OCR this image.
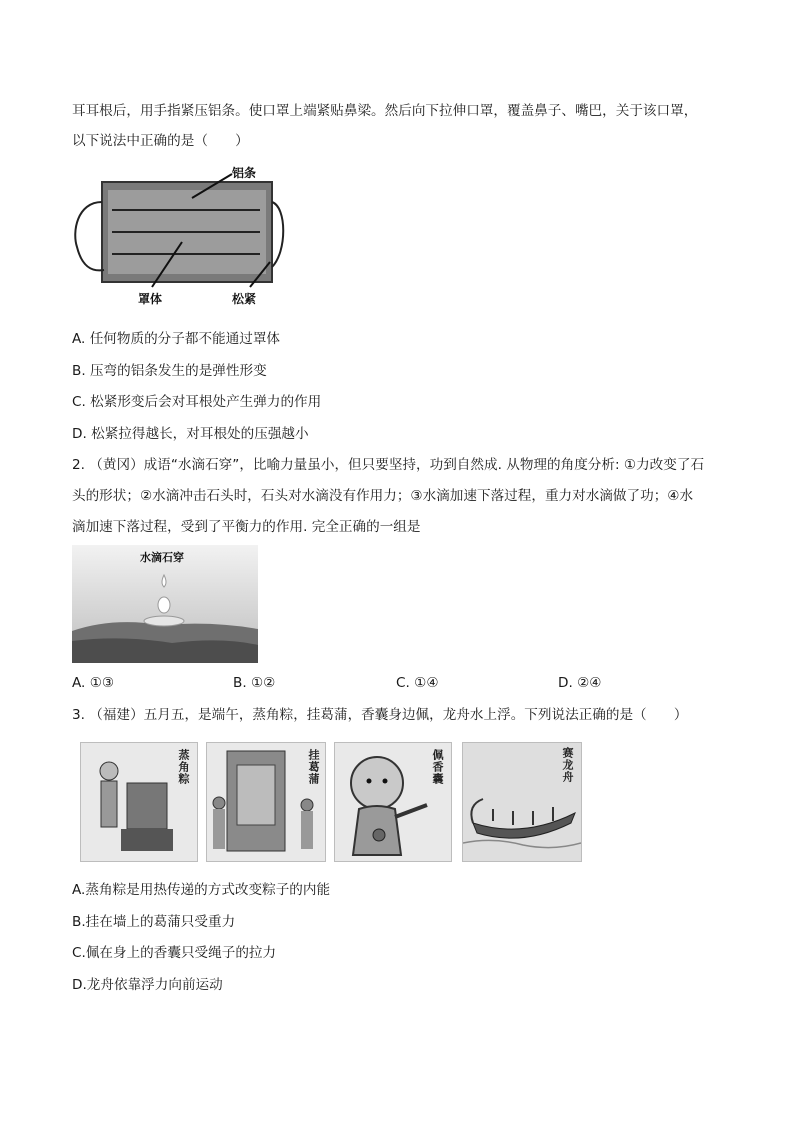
耳耳根后，用手指紧压铝条。使口罩上端紧贴鼻梁。然后向下拉伸口罩，覆盖鼻子、嘴巴，关于该口罩，
以下说法中正确的是（　　）
铝条
罩体	松紧
A. 任何物质的分子都不能通过罩体
B. 压弯的铝条发生的是弹性形变
C. 松紧形变后会对耳根处产生弹力的作用
D. 松紧拉得越长，对耳根处的压强越小
2. （黄冈）成语“水滴石穿”，比喻力量虽小，但只要坚持，功到自然成. 从物理的角度分析: ①力改变了石
头的形状；②水滴冲击石头时，石头对水滴没有作用力；③水滴加速下落过程，重力对水滴做了功；④水
滴加速下落过程，受到了平衡力的作用. 完全正确的一组是
水滴石穿
A. ①③	B. ①②	C. ①④	D. ②④
3. （福建）五月五，是端午，蒸角粽，挂葛蒲，香囊身边佩，龙舟水上浮。下列说法正确的是（　　）
蒸角粽	挂葛蒲	佩香囊	赛龙舟
A.蒸角粽是用热传递的方式改变粽子的内能
B.挂在墙上的葛蒲只受重力
C.佩在身上的香囊只受绳子的拉力
D.龙舟依靠浮力向前运动
